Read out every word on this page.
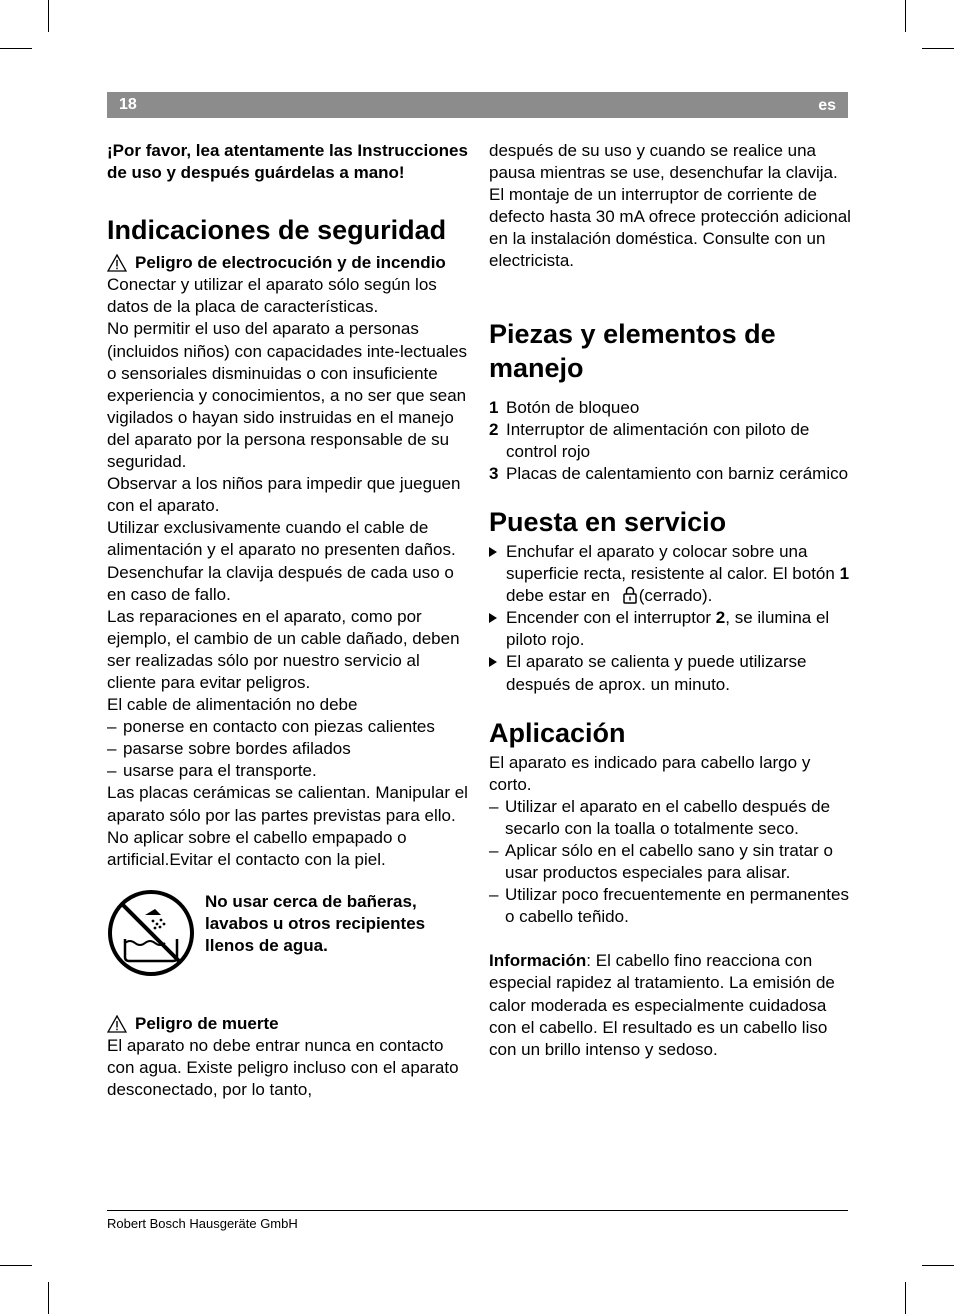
18	es

¡Por favor, lea atentamente las Instrucciones de uso y después guárdelas a mano!

Indicaciones de seguridad
Peligro de electrocución y de incendio

Conectar y utilizar el aparato sólo según los datos de la placa de características.

No permitir el uso del aparato a personas (incluidos niños) con capacidades inte-lectuales o sensoriales disminuidas o con insuficiente experiencia y conocimientos, a no ser que sean vigilados o hayan sido instruidas en el manejo del aparato por la persona responsable de su seguridad.

Observar a los niños para impedir que jueguen con el aparato.

Utilizar exclusivamente cuando el cable de alimentación y el aparato no presenten daños.

Desenchufar la clavija después de cada uso o en caso de fallo.

Las reparaciones en el aparato, como por ejemplo, el cambio de un cable dañado, deben ser realizadas sólo por nuestro servicio al cliente para evitar peligros.

El cable de alimentación no debe

– ponerse en contacto con piezas calientes
– pasarse sobre bordes afilados
– usarse para el transporte.

Las placas cerámicas se calientan. Manipular el aparato sólo por las partes previstas para ello.

No aplicar sobre el cabello empapado o artificial.Evitar el contacto con la piel.

No usar cerca de bañeras, lavabos u otros recipientes llenos de agua.
Peligro de muerte

El aparato no debe entrar nunca en contacto con agua. Existe peligro incluso con el aparato desconectado, por lo tanto,

después de su uso y cuando se realice una pausa mientras se use, desenchufar la clavija.

El montaje de un interruptor de corriente de defecto hasta 30 mA ofrece protección adicional en la instalación doméstica. Consulte con un electricista.

Piezas y elementos de manejo
1 Botón de bloqueo
2 Interruptor de alimentación con piloto de control rojo
3 Placas de calentamiento con barniz cerámico
Puesta en servicio
Enchufar el aparato y colocar sobre una superficie recta, resistente al calor. El botón 1 debe estar en (cerrado).
Encender con el interruptor 2, se ilumina el piloto rojo.
El aparato se calienta y puede utilizarse después de aprox. un minuto.
Aplicación

El aparato es indicado para cabello largo y corto.

– Utilizar el aparato en el cabello después de secarlo con la toalla o totalmente seco.
– Aplicar sólo en el cabello sano y sin tratar o usar productos especiales para alisar.
– Utilizar poco frecuentemente en permanentes o cabello teñido.

Información: El cabello fino reacciona con especial rapidez al tratamiento. La emisión de calor moderada es especialmente cuidadosa con el cabello. El resultado es un cabello liso con un brillo intenso y sedoso.

Robert Bosch Hausgeräte GmbH
